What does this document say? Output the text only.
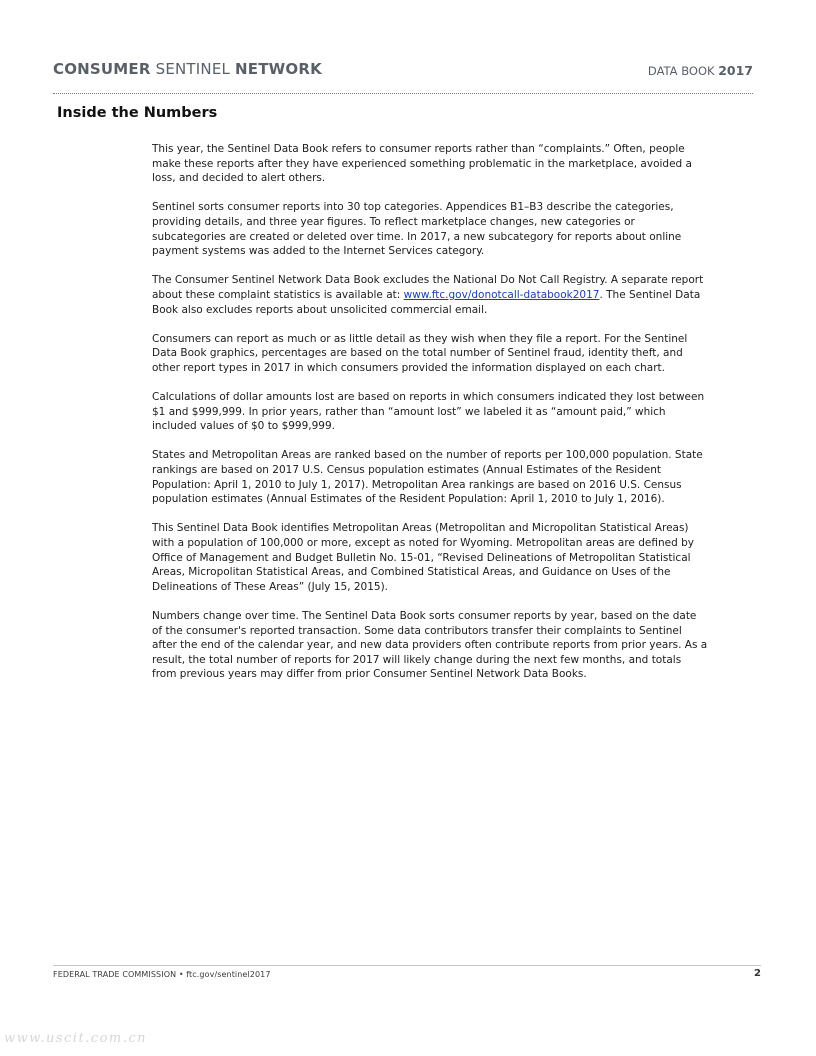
CONSUMER SENTINEL NETWORK	DATA BOOK 2017
Inside the Numbers

This year, the Sentinel Data Book refers to consumer reports rather than “complaints.” Often, people make these reports after they have experienced something problematic in the marketplace, avoided a loss, and decided to alert others.

Sentinel sorts consumer reports into 30 top categories. Appendices B1–B3 describe the categories, providing details, and three year figures. To reflect marketplace changes, new categories or subcategories are created or deleted over time. In 2017, a new subcategory for reports about online payment systems was added to the Internet Services category.

The Consumer Sentinel Network Data Book excludes the National Do Not Call Registry. A separate report about these complaint statistics is available at: www.ftc.gov/donotcall-databook2017. The Sentinel Data Book also excludes reports about unsolicited commercial email.

Consumers can report as much or as little detail as they wish when they file a report. For the Sentinel Data Book graphics, percentages are based on the total number of Sentinel fraud, identity theft, and other report types in 2017 in which consumers provided the information displayed on each chart.

Calculations of dollar amounts lost are based on reports in which consumers indicated they lost between $1 and $999,999. In prior years, rather than “amount lost” we labeled it as “amount paid,” which included values of $0 to $999,999.

States and Metropolitan Areas are ranked based on the number of reports per 100,000 population. State rankings are based on 2017 U.S. Census population estimates (Annual Estimates of the Resident Population: April 1, 2010 to July 1, 2017). Metropolitan Area rankings are based on 2016 U.S. Census population estimates (Annual Estimates of the Resident Population: April 1, 2010 to July 1, 2016).

This Sentinel Data Book identifies Metropolitan Areas (Metropolitan and Micropolitan Statistical Areas) with a population of 100,000 or more, except as noted for Wyoming. Metropolitan areas are defined by Office of Management and Budget Bulletin No. 15-01, “Revised Delineations of Metropolitan Statistical Areas, Micropolitan Statistical Areas, and Combined Statistical Areas, and Guidance on Uses of the Delineations of These Areas” (July 15, 2015).

Numbers change over time. The Sentinel Data Book sorts consumer reports by year, based on the date of the consumer's reported transaction. Some data contributors transfer their complaints to Sentinel after the end of the calendar year, and new data providers often contribute reports from prior years. As a result, the total number of reports for 2017 will likely change during the next few months, and totals from previous years may differ from prior Consumer Sentinel Network Data Books.

FEDERAL TRADE COMMISSION • ftc.gov/sentinel2017	2
www.uscit.com.cn
